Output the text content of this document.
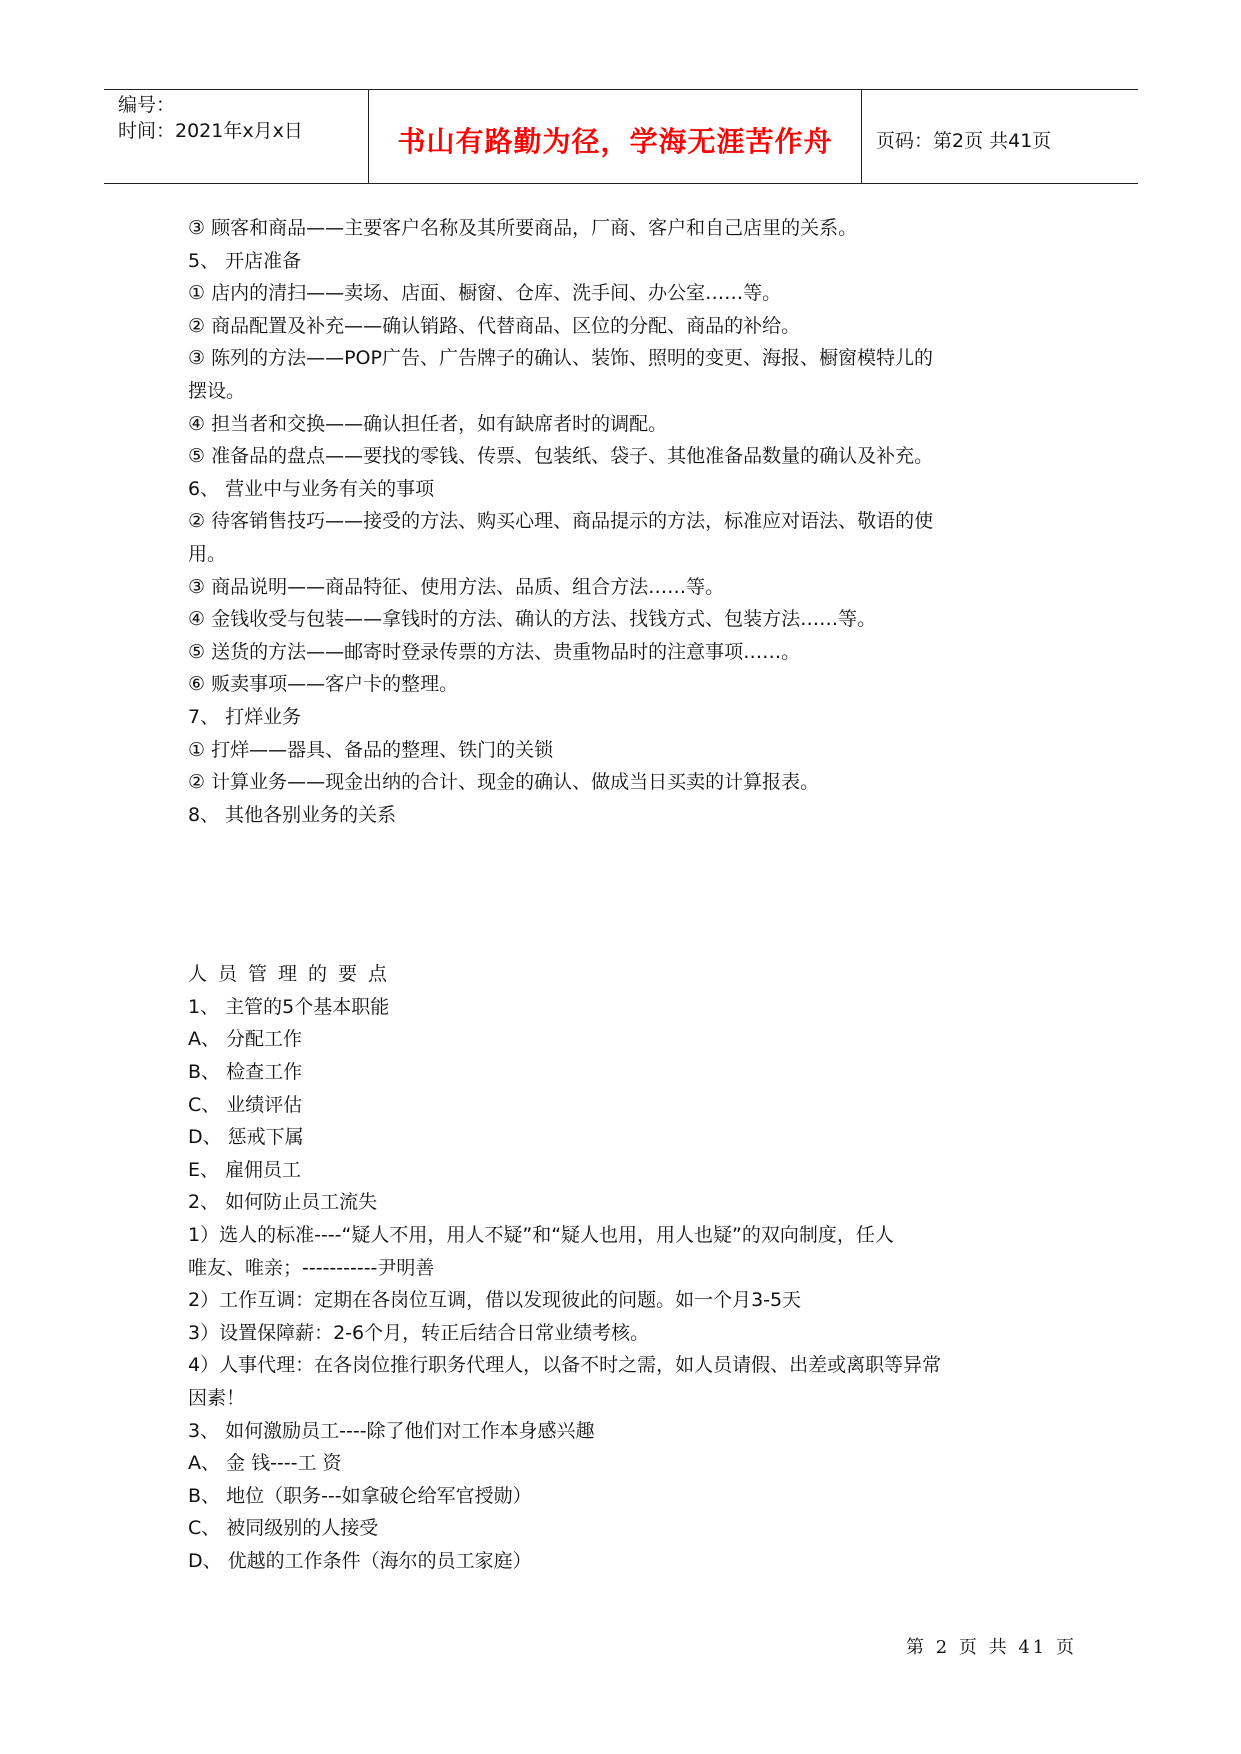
编号：
时间：2021年x月x日	书山有路勤为径，学海无涯苦作舟	页码：第2页 共41页
③ 顾客和商品——主要客户名称及其所要商品，厂商、客户和自己店里的关系。
5、 开店准备
① 店内的清扫——卖场、店面、橱窗、仓库、洗手间、办公室……等。
② 商品配置及补充——确认销路、代替商品、区位的分配、商品的补给。
③ 陈列的方法——POP广告、广告牌子的确认、装饰、照明的变更、海报、橱窗模特儿的
摆设。
④ 担当者和交换——确认担任者，如有缺席者时的调配。
⑤ 准备品的盘点——要找的零钱、传票、包装纸、袋子、其他准备品数量的确认及补充。
6、 营业中与业务有关的事项
② 待客销售技巧——接受的方法、购买心理、商品提示的方法，标准应对语法、敬语的使
用。
③ 商品说明——商品特征、使用方法、品质、组合方法……等。
④ 金钱收受与包装——拿钱时的方法、确认的方法、找钱方式、包装方法……等。
⑤ 送货的方法——邮寄时登录传票的方法、贵重物品时的注意事项……。
⑥ 贩卖事项——客户卡的整理。
7、 打烊业务
① 打烊——器具、备品的整理、铁门的关锁
② 计算业务——现金出纳的合计、现金的确认、做成当日买卖的计算报表。
8、 其他各别业务的关系
人员管理的要点
1、 主管的5个基本职能
A、 分配工作
B、 检查工作
C、 业绩评估
D、 惩戒下属
E、 雇佣员工
2、 如何防止员工流失
1）选人的标准----“疑人不用，用人不疑”和“疑人也用，用人也疑”的双向制度，任人
唯友、唯亲；-----------尹明善
2）工作互调：定期在各岗位互调，借以发现彼此的问题。如一个月3-5天
3）设置保障薪：2-6个月，转正后结合日常业绩考核。
4）人事代理：在各岗位推行职务代理人，以备不时之需，如人员请假、出差或离职等异常
因素！
3、 如何激励员工----除了他们对工作本身感兴趣
A、 金 钱----工 资
B、 地位（职务---如拿破仑给军官授勋）
C、 被同级别的人接受
D、 优越的工作条件（海尔的员工家庭）
第 2 页 共 41 页
